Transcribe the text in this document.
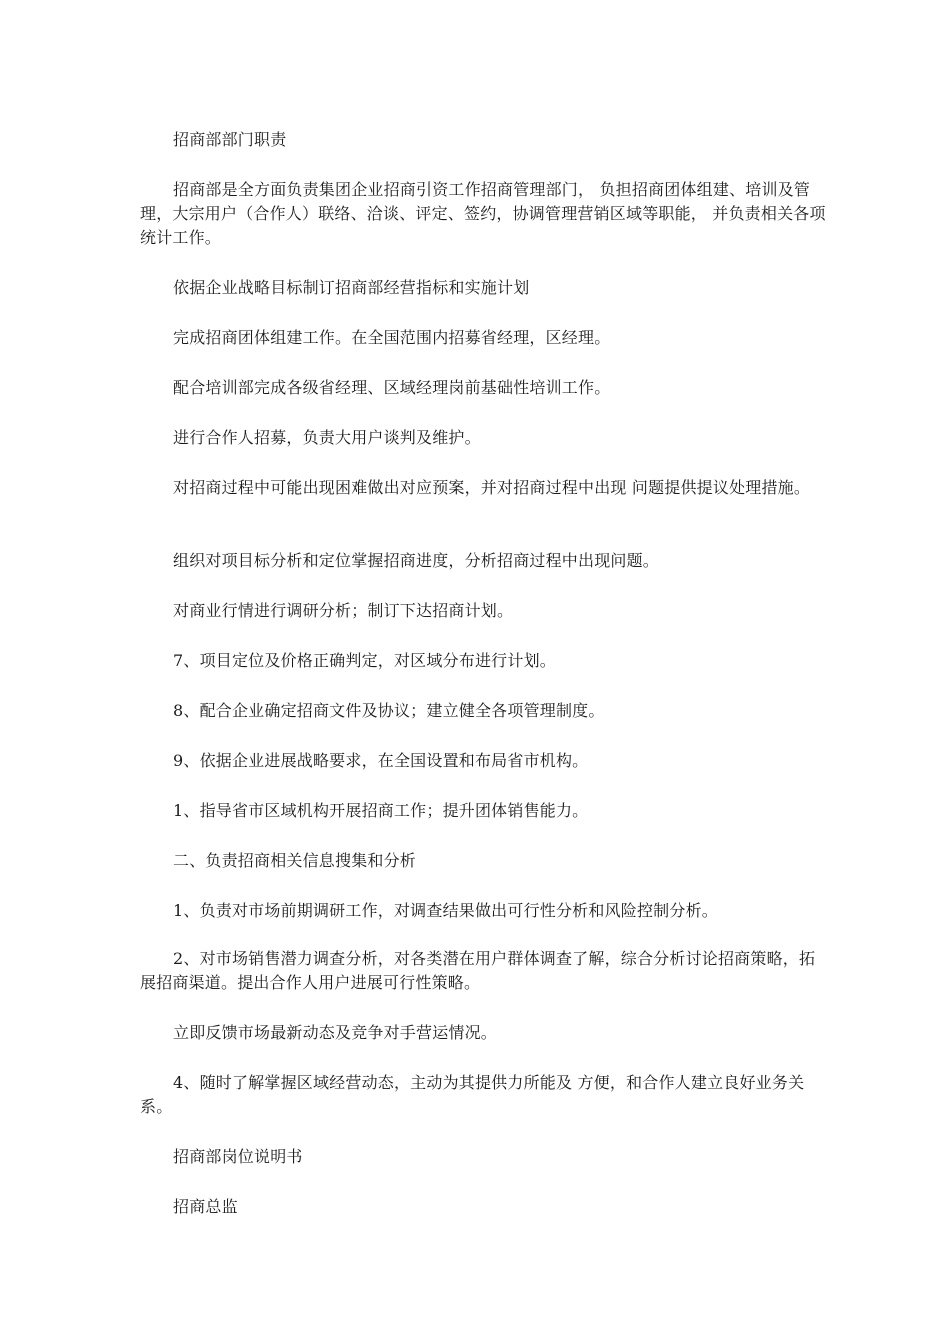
招商部部门职责

招商部是全方面负责集团企业招商引资工作招商管理部门， 负担招商团体组建、培训及管理，大宗用户（合作人）联络、洽谈、评定、签约，协调管理营销区域等职能， 并负责相关各项统计工作。

依据企业战略目标制订招商部经营指标和实施计划

完成招商团体组建工作。在全国范围内招募省经理，区经理。

配合培训部完成各级省经理、区域经理岗前基础性培训工作。

进行合作人招募，负责大用户谈判及维护。

对招商过程中可能出现困难做出对应预案，并对招商过程中出现 问题提供提议处理措施。

组织对项目标分析和定位掌握招商进度，分析招商过程中出现问题。

对商业行情进行调研分析；制订下达招商计划。

7、项目定位及价格正确判定，对区域分布进行计划。

8、配合企业确定招商文件及协议；建立健全各项管理制度。

9、依据企业进展战略要求，在全国设置和布局省市机构。

1、指导省市区域机构开展招商工作；提升团体销售能力。

二、负责招商相关信息搜集和分析

1、负责对市场前期调研工作，对调查结果做出可行性分析和风险控制分析。

2、对市场销售潜力调查分析，对各类潜在用户群体调查了解，综合分析讨论招商策略，拓展招商渠道。提出合作人用户进展可行性策略。

立即反馈市场最新动态及竞争对手营运情况。

4、随时了解掌握区域经营动态，主动为其提供力所能及 方便，和合作人建立良好业务关系。

招商部岗位说明书

招商总监
